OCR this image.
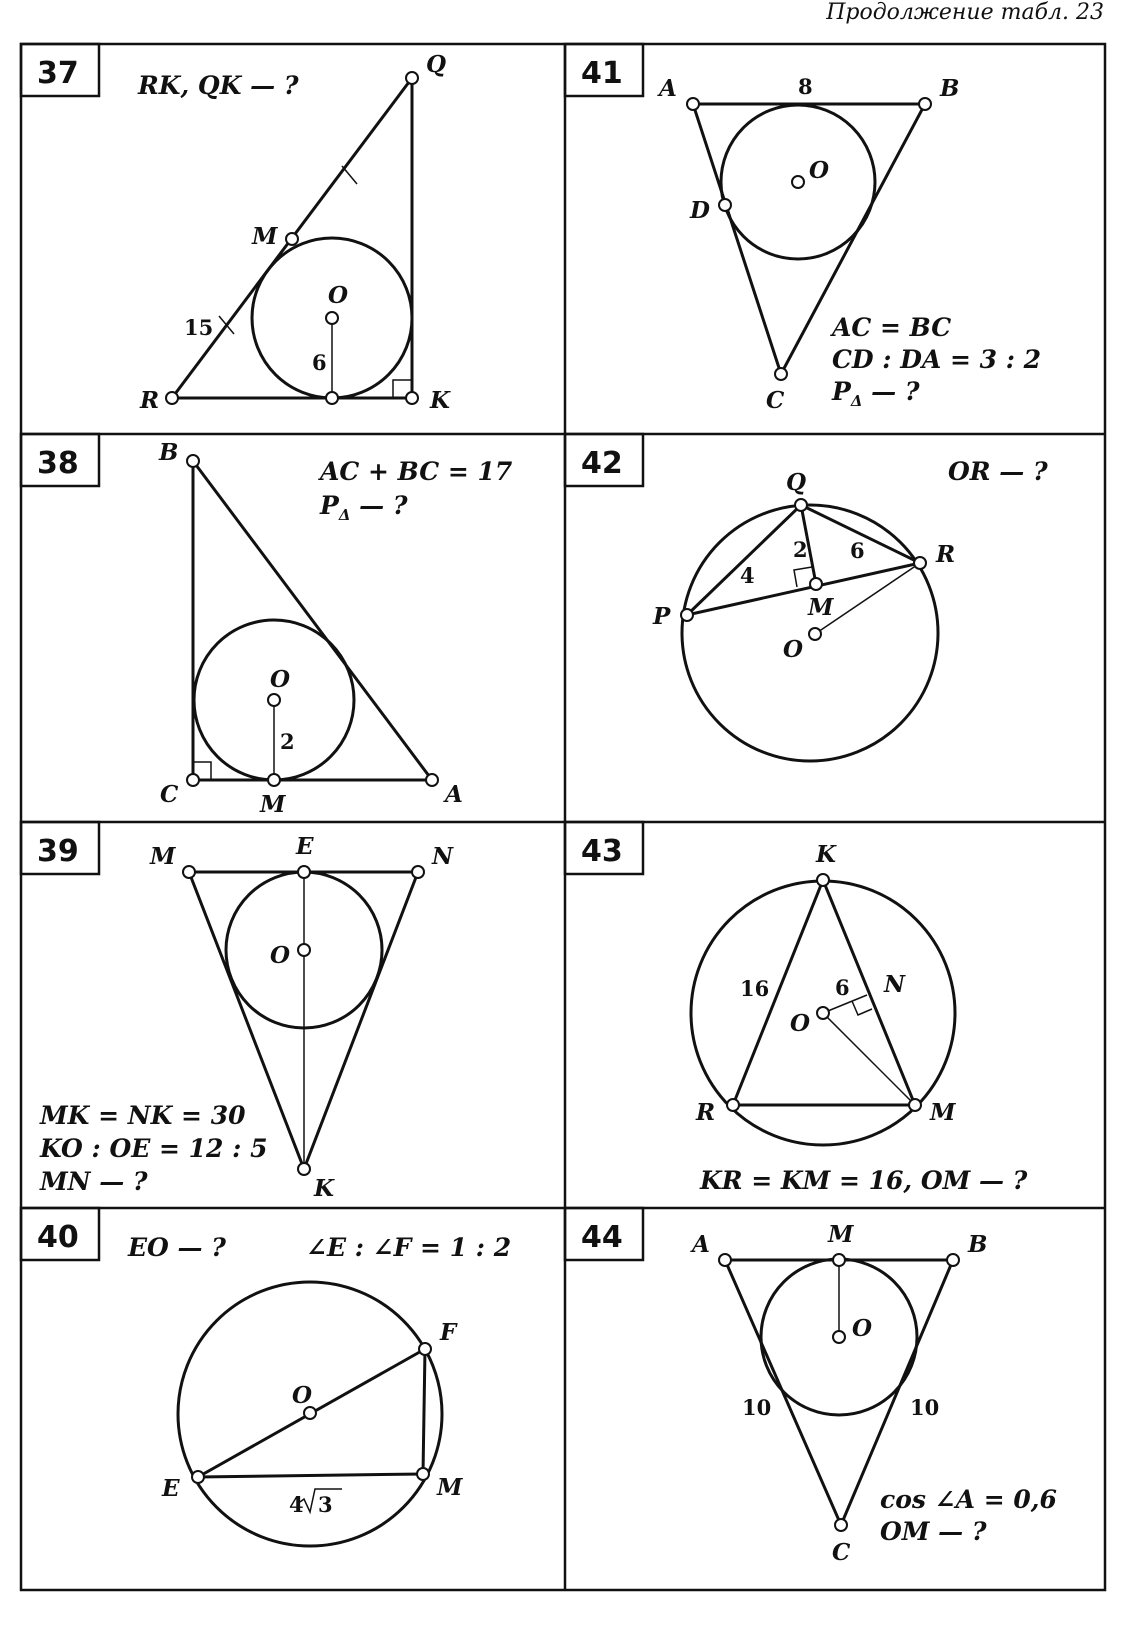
Продолжение табл. 23
37	41
38	42
39	43
40	44
RK, QK — ?
Q
M
O
R	K
15
6
A	B
8
O
D
C
AC = BC
CD : DA = 3 : 2
$P_\Delta$ — ?
B
O
2
C	M	A
AC + BC = 17
$P_\Delta$ — ?
Q
R
P	M
O
4
2 6
OR — ?
M	E	N
O
K
MK = NK = 30
KO : OE = 12 : 5
MN — ?
K
N
O
R	M
16	6
KR = KM = 16, OM — ?
F
O
E	M
4 3
EO — ?	∠E : ∠F = 1 : 2	A	M	B
O
C
10	10
cos ∠A = 0,6
OM — ?
